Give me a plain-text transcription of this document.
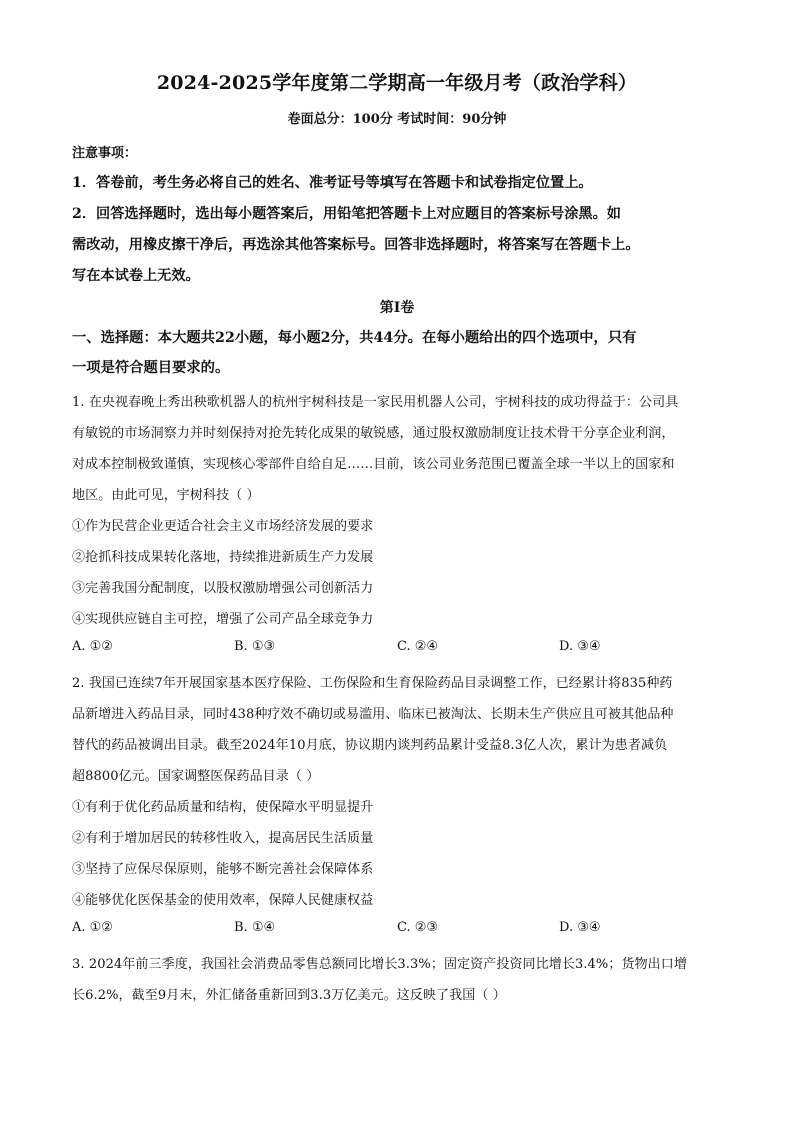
2024-2025学年度第二学期高一年级月考（政治学科）
卷面总分：100分 考试时间：90分钟
注意事项：
1．答卷前，考生务必将自己的姓名、准考证号等填写在答题卡和试卷指定位置上。
2．回答选择题时，选出每小题答案后，用铅笔把答题卡上对应题目的答案标号涂黑。如
需改动，用橡皮擦干净后，再选涂其他答案标号。回答非选择题时，将答案写在答题卡上。
写在本试卷上无效。
第Ⅰ卷
一、选择题：本大题共22小题，每小题2分，共44分。在每小题给出的四个选项中，只有
一项是符合题目要求的。
1. 在央视春晚上秀出秧歌机器人的杭州宇树科技是一家民用机器人公司，宇树科技的成功得益于：公司具
有敏锐的市场洞察力并时刻保持对抢先转化成果的敏锐感，通过股权激励制度让技术骨干分享企业利润，
对成本控制极致谨慎，实现核心零部件自给自足……目前，该公司业务范围已覆盖全球一半以上的国家和
地区。由此可见，宇树科技（ ）
①作为民营企业更适合社会主义市场经济发展的要求
②抢抓科技成果转化落地，持续推进新质生产力发展
③完善我国分配制度，以股权激励增强公司创新活力
④实现供应链自主可控，增强了公司产品全球竞争力
A. ①②	B. ①③	C. ②④	D. ③④
2. 我国已连续7年开展国家基本医疗保险、工伤保险和生育保险药品目录调整工作，已经累计将835种药
品新增进入药品目录，同时438种疗效不确切或易滥用、临床已被淘汰、长期未生产供应且可被其他品种
替代的药品被调出目录。截至2024年10月底，协议期内谈判药品累计受益8.3亿人次，累计为患者减负
超8800亿元。国家调整医保药品目录（ ）
①有利于优化药品质量和结构，使保障水平明显提升
②有利于增加居民的转移性收入，提高居民生活质量
③坚持了应保尽保原则，能够不断完善社会保障体系
④能够优化医保基金的使用效率，保障人民健康权益
A. ①②	B. ①④	C. ②③	D. ③④
3. 2024年前三季度，我国社会消费品零售总额同比增长3.3%；固定资产投资同比增长3.4%；货物出口增
长6.2%，截至9月末，外汇储备重新回到3.3万亿美元。这反映了我国（ ）
